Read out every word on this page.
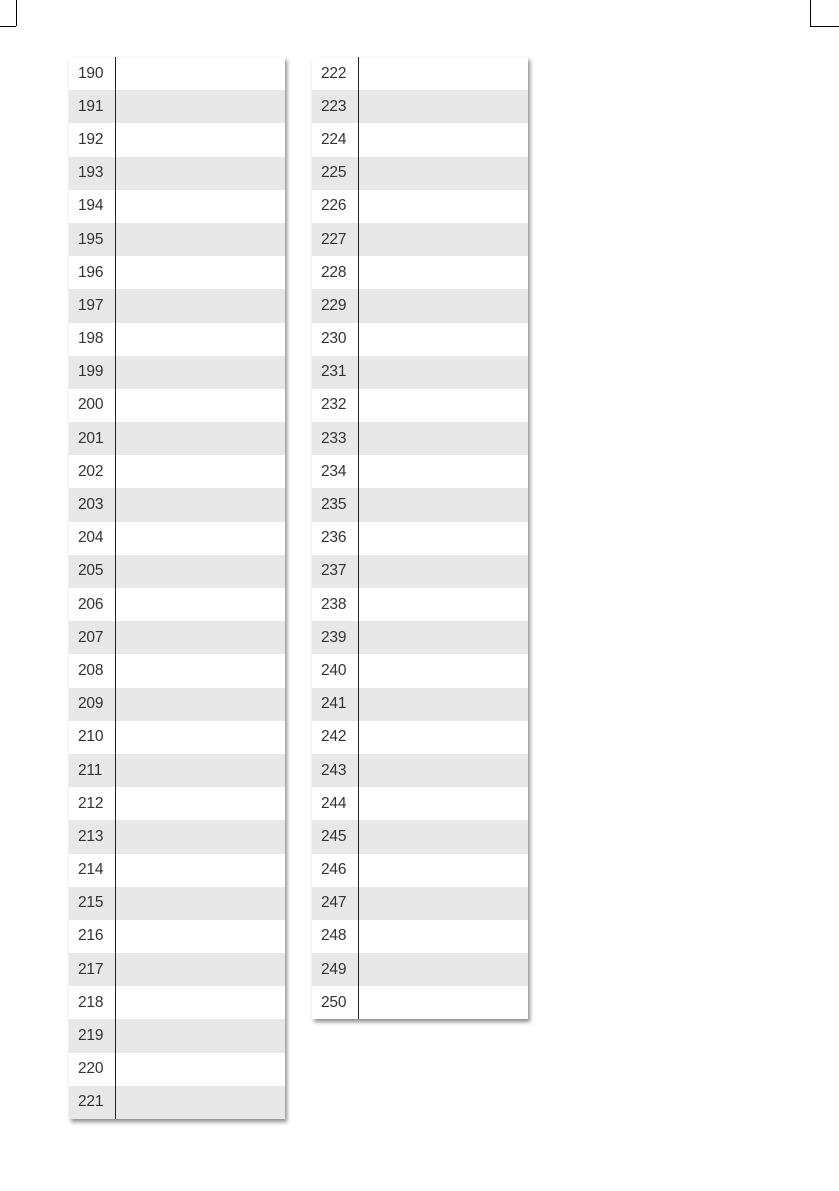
190
191
192
193
194
195
196
197
198
199
200
201
202
203
204
205
206
207
208
209
210
211
212
213
214
215
216
217
218
219
220
221
222
223
224
225
226
227
228
229
230
231
232
233
234
235
236
237
238
239
240
241
242
243
244
245
246
247
248
249
250
